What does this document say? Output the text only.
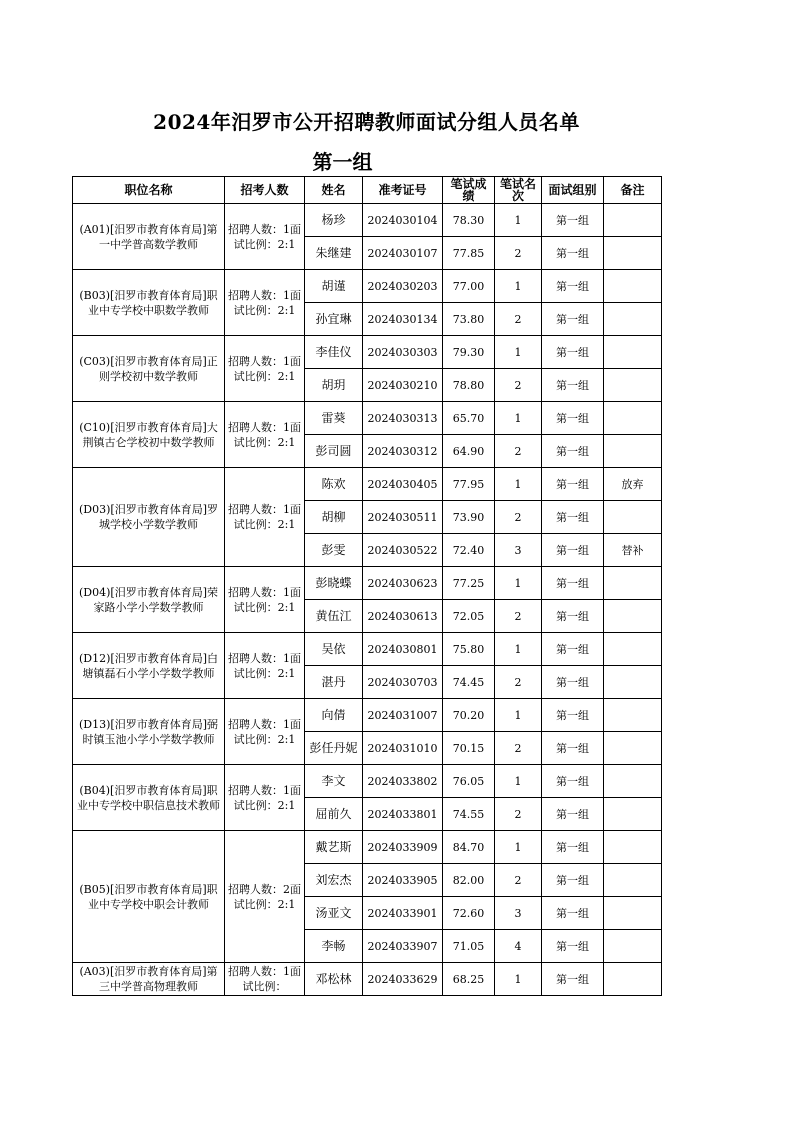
2024年汨罗市公开招聘教师面试分组人员名单
第一组
职位名称	招考人数	姓名	准考证号	笔试成绩	笔试名次	面试组别	备注
(A01)[汨罗市教育体育局]第一中学普高数学教师	招聘人数：1面试比例：2:1	杨珍	2024030104	78.30	1	第一组	
		朱继建	2024030107	77.85	2	第一组	
(B03)[汨罗市教育体育局]职业中专学校中职数学教师	招聘人数：1面试比例：2:1	胡谨	2024030203	77.00	1	第一组	
		孙宜琳	2024030134	73.80	2	第一组	
(C03)[汨罗市教育体育局]正则学校初中数学教师	招聘人数：1面试比例：2:1	李佳仪	2024030303	79.30	1	第一组	
		胡玥	2024030210	78.80	2	第一组	
(C10)[汨罗市教育体育局]大荆镇古仑学校初中数学教师	招聘人数：1面试比例：2:1	雷葵	2024030313	65.70	1	第一组	
		彭司圆	2024030312	64.90	2	第一组	
(D03)[汨罗市教育体育局]罗城学校小学数学教师	招聘人数：1面试比例：2:1	陈欢	2024030405	77.95	1	第一组	放弃
		胡柳	2024030511	73.90	2	第一组	
		彭雯	2024030522	72.40	3	第一组	替补
(D04)[汨罗市教育体育局]荣家路小学小学数学教师	招聘人数：1面试比例：2:1	彭晓蝶	2024030623	77.25	1	第一组	
		黄伍江	2024030613	72.05	2	第一组	
(D12)[汨罗市教育体育局]白塘镇磊石小学小学数学教师	招聘人数：1面试比例：2:1	吴依	2024030801	75.80	1	第一组	
		湛丹	2024030703	74.45	2	第一组	
(D13)[汨罗市教育体育局]弼时镇玉池小学小学数学教师	招聘人数：1面试比例：2:1	向倩	2024031007	70.20	1	第一组	
		彭任丹妮	2024031010	70.15	2	第一组	
(B04)[汨罗市教育体育局]职业中专学校中职信息技术教师	招聘人数：1面试比例：2:1	李文	2024033802	76.05	1	第一组	
		屈前久	2024033801	74.55	2	第一组	
(B05)[汨罗市教育体育局]职业中专学校中职会计教师	招聘人数：2面试比例：2:1	戴艺斯	2024033909	84.70	1	第一组	
		刘宏杰	2024033905	82.00	2	第一组	
		汤亚文	2024033901	72.60	3	第一组	
		李畅	2024033907	71.05	4	第一组	
(A03)[汨罗市教育体育局]第三中学普高物理教师	招聘人数：1面试比例：	邓松林	2024033629	68.25	1	第一组	
